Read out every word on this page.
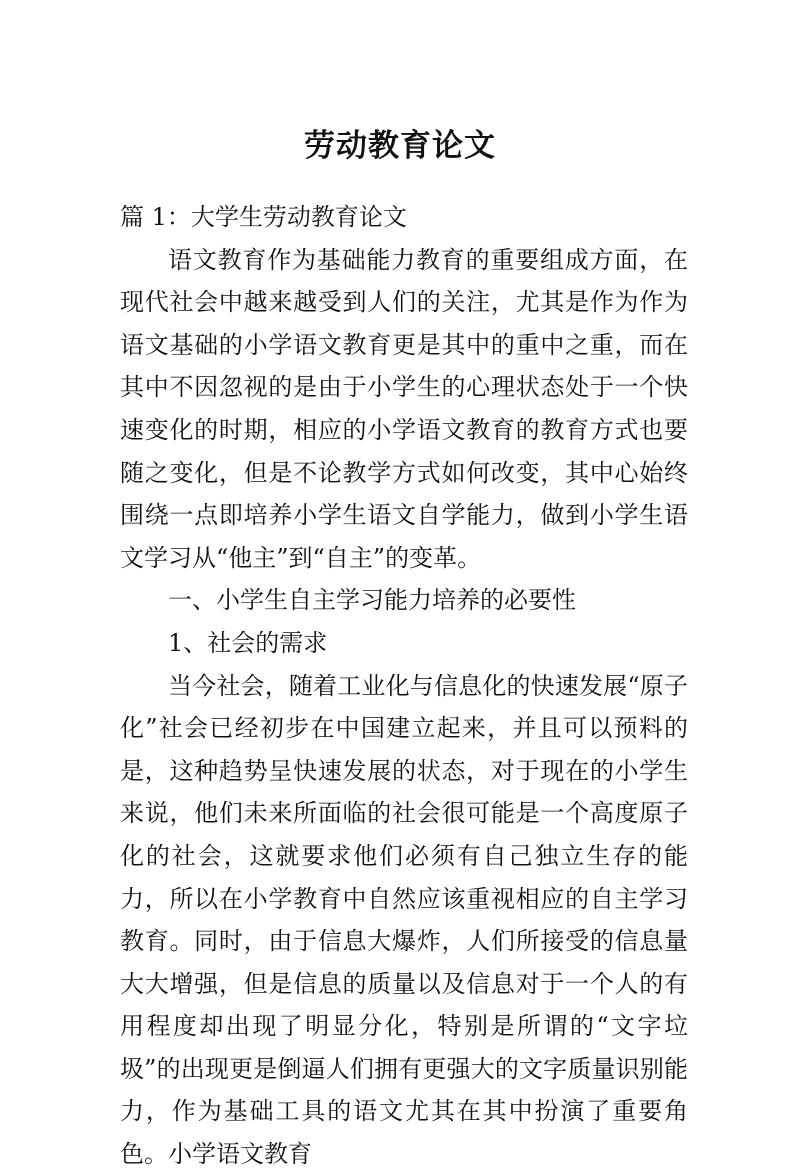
劳动教育论文

篇 1：大学生劳动教育论文

语文教育作为基础能力教育的重要组成方面，在现代社会中越来越受到人们的关注，尤其是作为作为语文基础的小学语文教育更是其中的重中之重，而在其中不因忽视的是由于小学生的心理状态处于一个快速变化的时期，相应的小学语文教育的教育方式也要随之变化，但是不论教学方式如何改变，其中心始终围绕一点即培养小学生语文自学能力，做到小学生语文学习从“他主”到“自主”的变革。

一、小学生自主学习能力培养的必要性

1、社会的需求

当今社会，随着工业化与信息化的快速发展“原子化”社会已经初步在中国建立起来，并且可以预料的是，这种趋势呈快速发展的状态，对于现在的小学生来说，他们未来所面临的社会很可能是一个高度原子化的社会，这就要求他们必须有自己独立生存的能力，所以在小学教育中自然应该重视相应的自主学习教育。同时，由于信息大爆炸，人们所接受的信息量大大增强，但是信息的质量以及信息对于一个人的有用程度却出现了明显分化，特别是所谓的“文字垃圾”的出现更是倒逼人们拥有更强大的文字质量识别能力，作为基础工具的语文尤其在其中扮演了重要角色。小学语文教育
